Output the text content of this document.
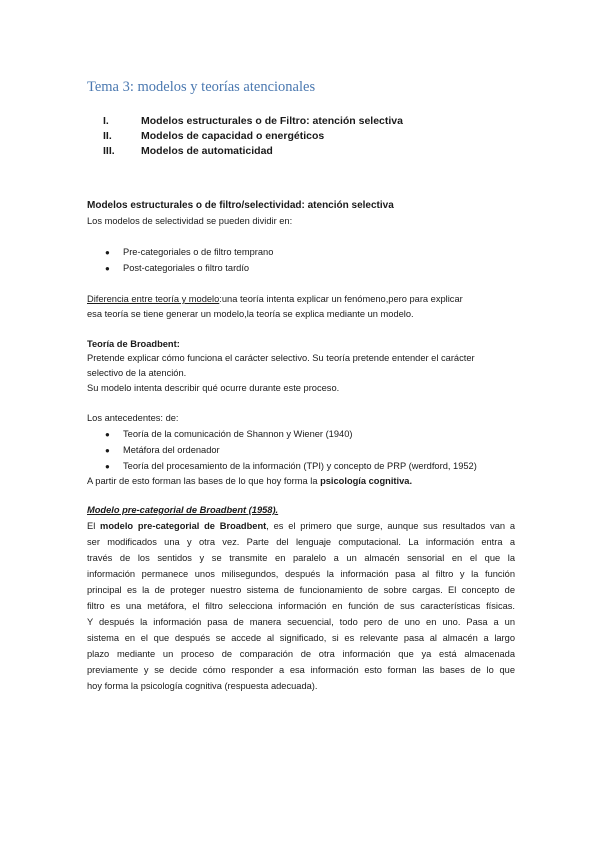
Tema 3: modelos y teorías atencionales
I.	Modelos estructurales o de Filtro: atención selectiva
II.	Modelos de capacidad o energéticos
III.	Modelos de automaticidad
Modelos estructurales o de filtro/selectividad: atención selectiva
Los modelos de selectividad se pueden dividir en:
● Pre-categoriales o de filtro temprano
● Post-categoriales o filtro tardío
Diferencia entre teoría y modelo:una teoría intenta explicar un fenómeno,pero para explicar
esa teoría se tiene generar un modelo,la teoría se explica mediante un modelo.
Teoría de Broadbent:
Pretende explicar cómo funciona el carácter selectivo. Su teoría pretende entender el carácter
selectivo de la atención.
Su modelo intenta describir qué ocurre durante este proceso.
Los antecedentes: de:
● Teoría de la comunicación de Shannon y Wiener (1940)
● Metáfora del ordenador
● Teoría del procesamiento de la información (TPI) y concepto de PRP (werdford, 1952)
A partir de esto forman las bases de lo que hoy forma la psicología cognitiva.
Modelo pre-categorial de Broadbent (1958).
El modelo pre-categorial de Broadbent, es el primero que surge, aunque sus resultados van a
ser modificados una y otra vez. Parte del lenguaje computacional. La información entra a
través de los sentidos y se transmite en paralelo a un almacén sensorial en el que la
información permanece unos milisegundos, después la información pasa al filtro y la función
principal es la de proteger nuestro sistema de funcionamiento de sobre cargas. El concepto de
filtro es una metáfora, el filtro selecciona información en función de sus características físicas.
Y después la información pasa de manera secuencial, todo pero de uno en uno. Pasa a un
sistema en el que después se accede al significado, si es relevante pasa al almacén a largo
plazo mediante un proceso de comparación de otra información que ya está almacenada
previamente y se decide cómo responder a esa información esto forman las bases de lo que
hoy forma la psicología cognitiva (respuesta adecuada).
